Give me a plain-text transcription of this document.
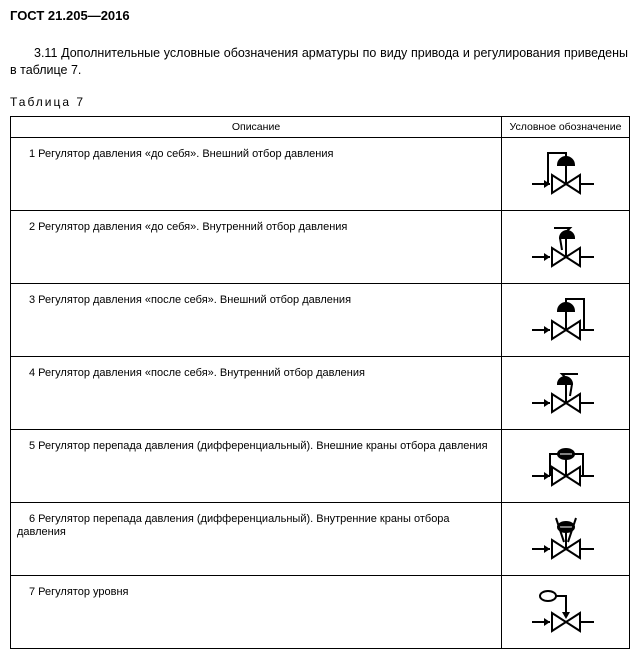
ГОСТ 21.205—2016
3.11 Дополнительные условные обозначения арматуры по виду привода и регулирования приведены в таблице 7.
Таблица 7
Описание	Условное обозначение
1 Регулятор давления «до себя». Внешний отбор давления	

2 Регулятор давления «до себя». Внутренний отбор давления	

3 Регулятор давления «после себя». Внешний отбор давления	

4 Регулятор давления «после себя». Внутренний отбор давления	

5 Регулятор перепада давления (дифференциальный). Внешние краны отбора давления	

6 Регулятор перепада давления (дифференциальный). Внутренние краны отбора давления	

7 Регулятор уровня	
